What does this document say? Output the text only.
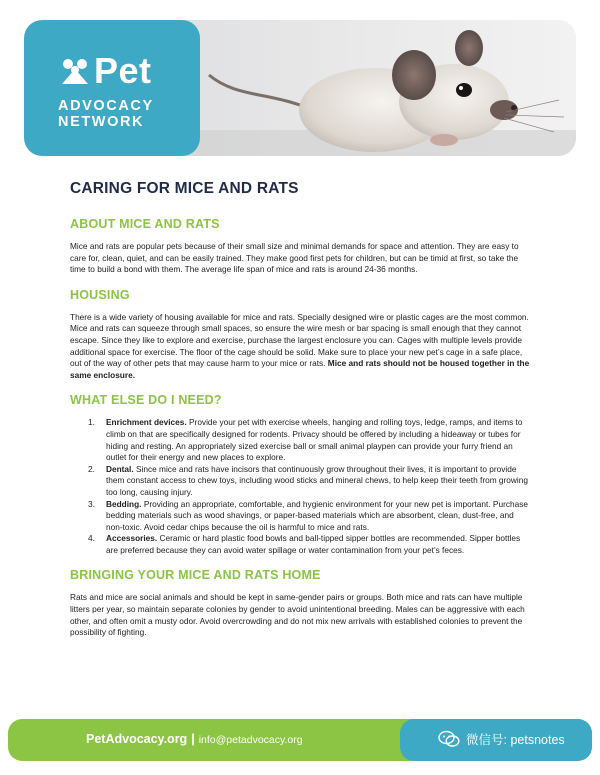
Pet
ADVOCACY
NETWORK
CARING FOR MICE AND RATS
ABOUT MICE AND RATS

Mice and rats are popular pets because of their small size and minimal demands for space and attention. They are easy to care for, clean, quiet, and can be easily trained. They make good first pets for children, but can be timid at first, so take the time to build a bond with them. The average life span of mice and rats is around 24-36 months.

HOUSING

There is a wide variety of housing available for mice and rats. Specially designed wire or plastic cages are the most common. Mice and rats can squeeze through small spaces, so ensure the wire mesh or bar spacing is small enough that they cannot escape. Since they like to explore and exercise, purchase the largest enclosure you can. Cages with multiple levels provide additional space for exercise. The floor of the cage should be solid. Make sure to place your new pet’s cage in a safe place, out of the way of other pets that may cause harm to your mice or rats. Mice and rats should not be housed together in the same enclosure.

WHAT ELSE DO I NEED?
1. Enrichment devices. Provide your pet with exercise wheels, hanging and rolling toys, ledge, ramps, and items to climb on that are specifically designed for rodents. Privacy should be offered by including a hideaway or tubes for hiding and resting. An appropriately sized exercise ball or small animal playpen can provide your furry friend an outlet for their energy and new places to explore.
2. Dental. Since mice and rats have incisors that continuously grow throughout their lives, it is important to provide them constant access to chew toys, including wood sticks and mineral chews, to help keep their teeth from growing too long, causing injury.
3. Bedding. Providing an appropriate, comfortable, and hygienic environment for your new pet is important. Purchase bedding materials such as wood shavings, or paper-based materials which are absorbent, clean, dust-free, and non-toxic. Avoid cedar chips because the oil is harmful to mice and rats.
4. Accessories. Ceramic or hard plastic food bowls and ball-tipped sipper bottles are recommended. Sipper bottles are preferred because they can avoid water spillage or water contamination from your pet’s feces.
BRINGING YOUR MICE AND RATS HOME

Rats and mice are social animals and should be kept in same-gender pairs or groups. Both mice and rats can have multiple litters per year, so maintain separate colonies by gender to avoid unintentional breeding. Males can be aggressive with each other, and often omit a musty odor. Avoid overcrowding and do not mix new arrivals with established colonies to prevent the possibility of fighting.

PetAdvocacy.org | info@petadvocacy.org	微信号: petsnotes
